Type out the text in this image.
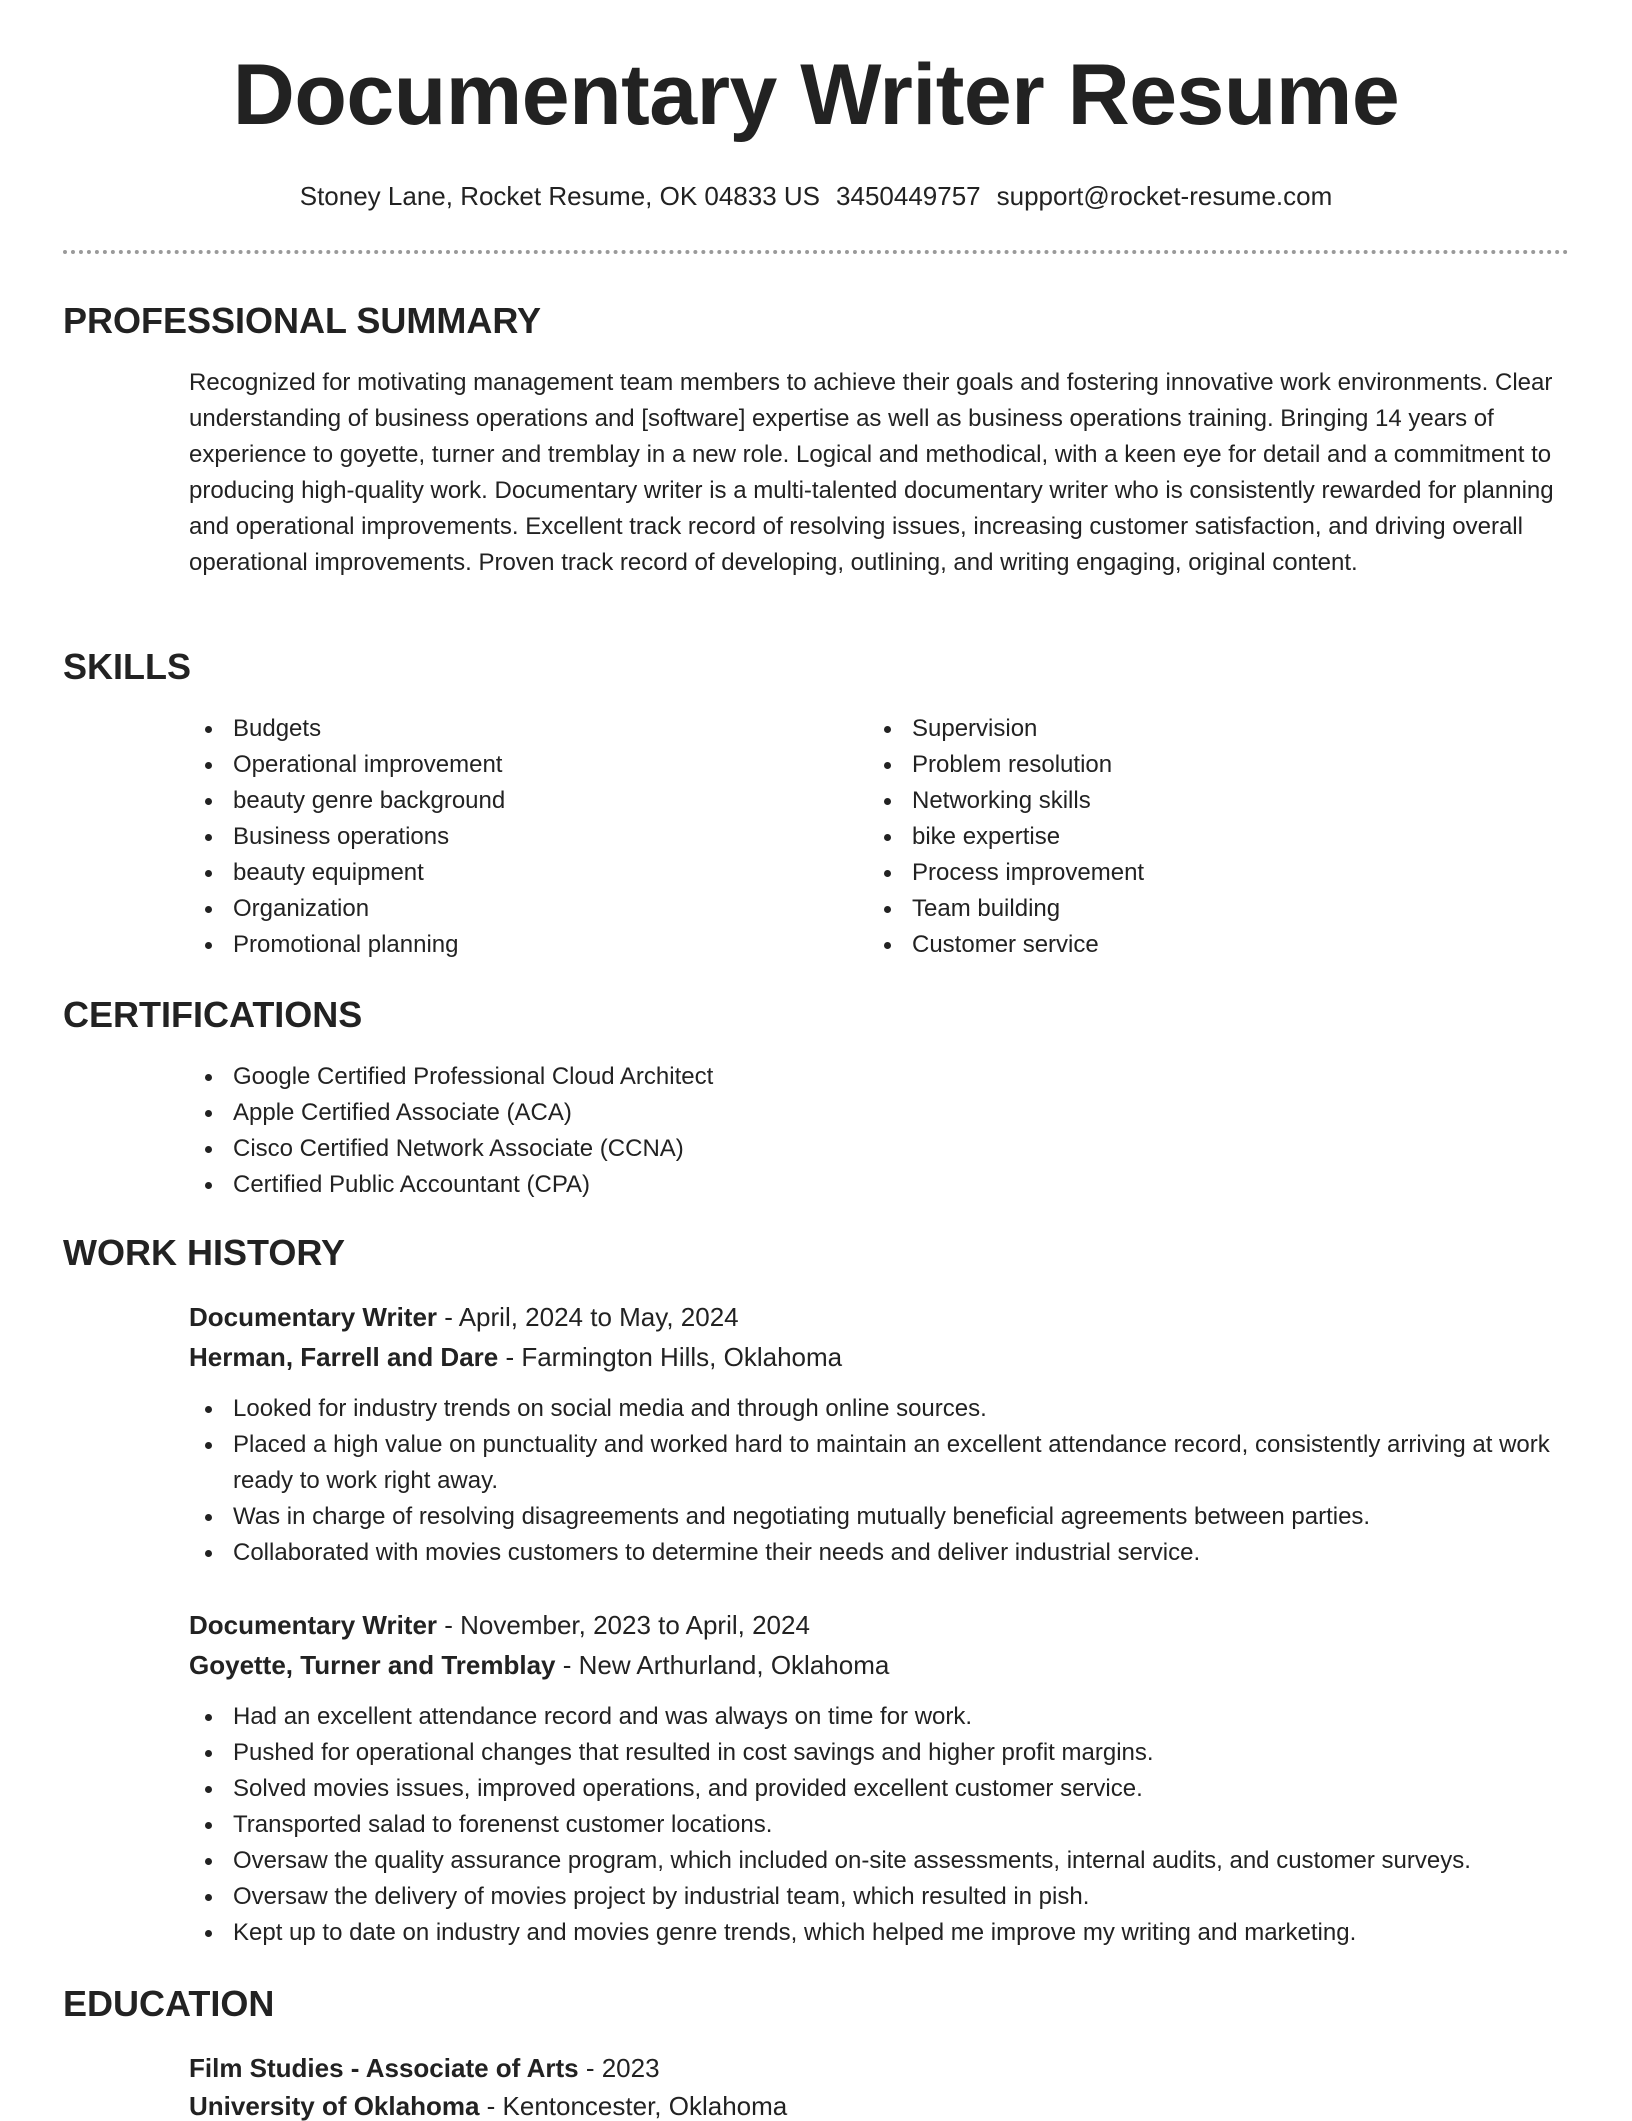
Documentary Writer Resume
Stoney Lane, Rocket Resume, OK 04833 US 3450449757 support@rocket-resume.com
PROFESSIONAL SUMMARY
Recognized for motivating management team members to achieve their goals and fostering innovative work environments. Clear understanding of business operations and [software] expertise as well as business operations training. Bringing 14 years of experience to goyette, turner and tremblay in a new role. Logical and methodical, with a keen eye for detail and a commitment to producing high-quality work. Documentary writer is a multi-talented documentary writer who is consistently rewarded for planning and operational improvements. Excellent track record of resolving issues, increasing customer satisfaction, and driving overall operational improvements. Proven track record of developing, outlining, and writing engaging, original content.
SKILLS
Budgets
Operational improvement
beauty genre background
Business operations
beauty equipment
Organization
Promotional planning
Supervision
Problem resolution
Networking skills
bike expertise
Process improvement
Team building
Customer service
CERTIFICATIONS
Google Certified Professional Cloud Architect
Apple Certified Associate (ACA)
Cisco Certified Network Associate (CCNA)
Certified Public Accountant (CPA)
WORK HISTORY
Documentary Writer - April, 2024 to May, 2024
Herman, Farrell and Dare - Farmington Hills, Oklahoma
Looked for industry trends on social media and through online sources.
Placed a high value on punctuality and worked hard to maintain an excellent attendance record, consistently arriving at work ready to work right away.
Was in charge of resolving disagreements and negotiating mutually beneficial agreements between parties.
Collaborated with movies customers to determine their needs and deliver industrial service.
Documentary Writer - November, 2023 to April, 2024
Goyette, Turner and Tremblay - New Arthurland, Oklahoma
Had an excellent attendance record and was always on time for work.
Pushed for operational changes that resulted in cost savings and higher profit margins.
Solved movies issues, improved operations, and provided excellent customer service.
Transported salad to forenenst customer locations.
Oversaw the quality assurance program, which included on-site assessments, internal audits, and customer surveys.
Oversaw the delivery of movies project by industrial team, which resulted in pish.
Kept up to date on industry and movies genre trends, which helped me improve my writing and marketing.
EDUCATION
Film Studies - Associate of Arts - 2023
University of Oklahoma - Kentoncester, Oklahoma
